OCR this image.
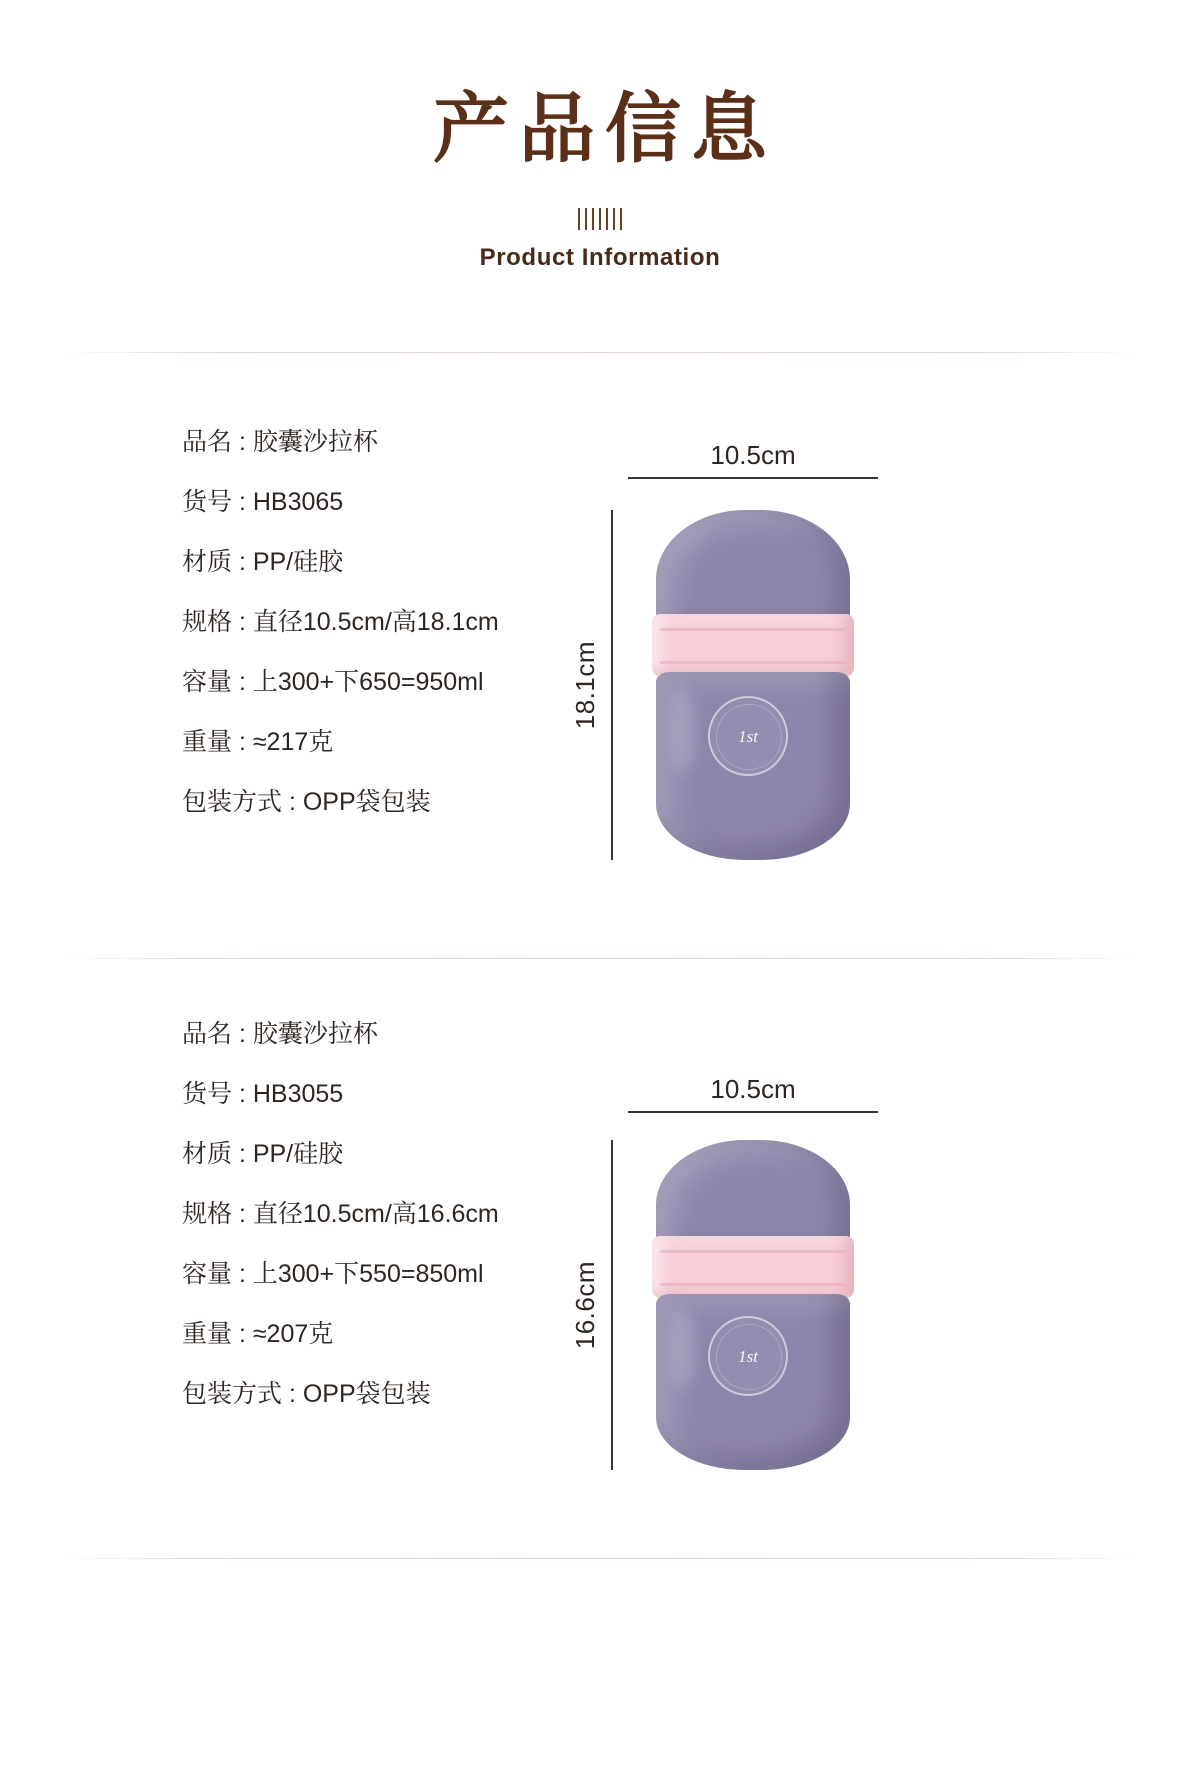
产品信息
Product Information
品名 : 胶囊沙拉杯
货号 : HB3065
材质 : PP/硅胶
规格 : 直径10.5cm/高18.1cm
容量 : 上300+下650=950ml
重量 : ≈217克
包装方式 : OPP袋包装
10.5cm
18.1cm
1st
品名 : 胶囊沙拉杯
货号 : HB3055
材质 : PP/硅胶
规格 : 直径10.5cm/高16.6cm
容量 : 上300+下550=850ml
重量 : ≈207克
包装方式 : OPP袋包装
10.5cm
16.6cm
1st
